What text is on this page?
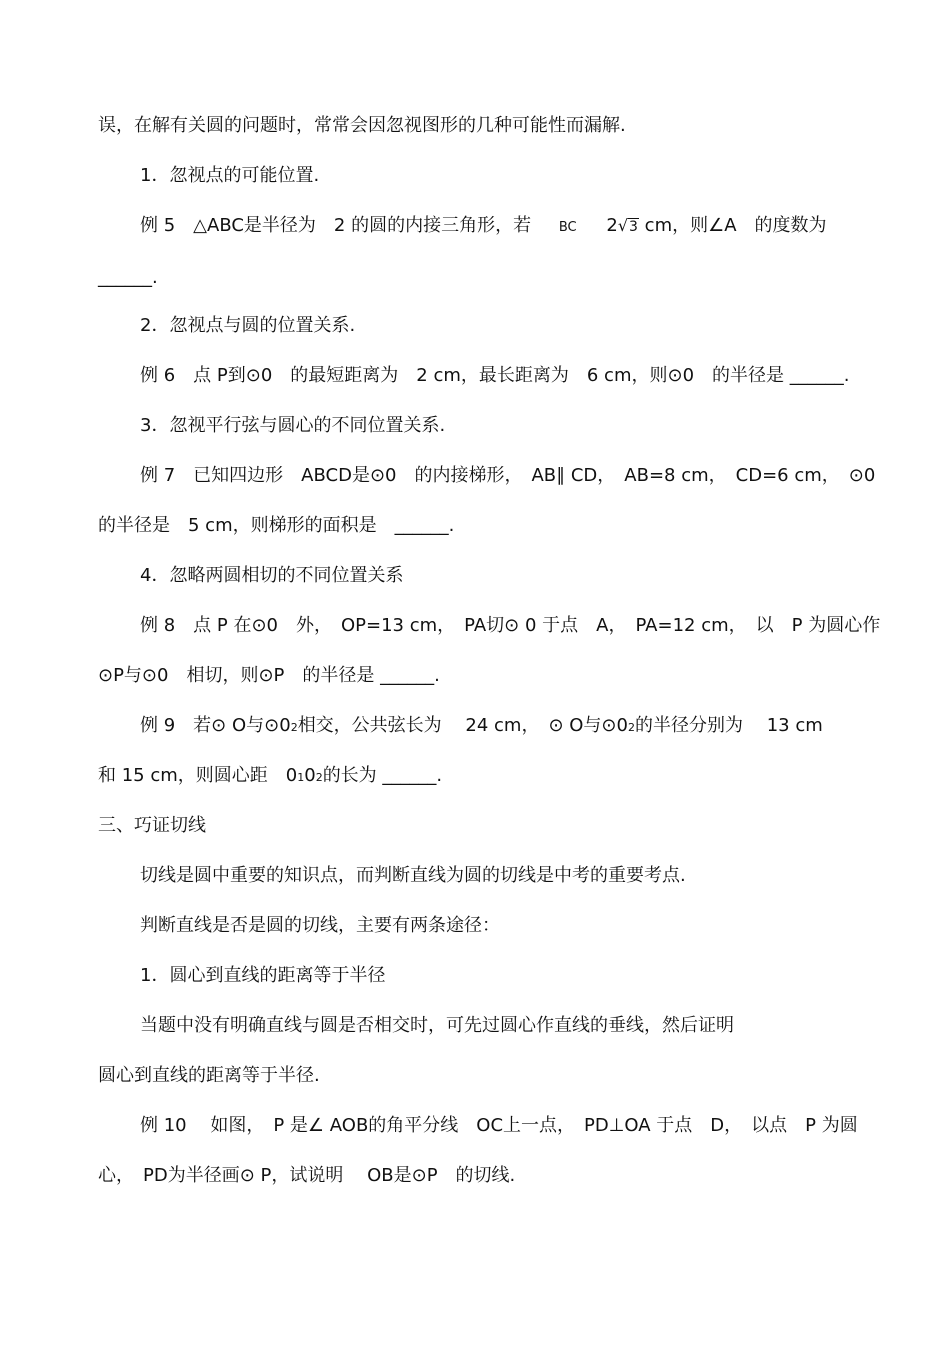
误，在解有关圆的问题时，常常会因忽视图形的几种可能性而漏解.
1．忽视点的可能位置.
例 5　△ABC是半径为　2 的圆的内接三角形，若 BC 2√3 cm，则∠A　的度数为
______.
2．忽视点与圆的位置关系.
例 6　点 P到⊙0　的最短距离为　2 cm，最长距离为　6 cm，则⊙0　的半径是 ______.
3．忽视平行弦与圆心的不同位置关系.
例 7　已知四边形　ABCD是⊙0　的内接梯形，　AB∥ CD，　AB=8 cm，　CD=6 cm，　⊙0
的半径是　5 cm，则梯形的面积是　______.
4．忽略两圆相切的不同位置关系
例 8　点 P 在⊙0　外，　OP=13 cm，　PA切⊙ 0 于点　A，　PA=12 cm，　以　P 为圆心作
⊙P与⊙0　相切，则⊙P　的半径是 ______.
例 9　若⊙ O与⊙02相交，公共弦长为　 24 cm，　⊙ O与⊙02的半径分别为　 13 cm
和 15 cm，则圆心距　0102的长为 ______.
三、巧证切线
切线是圆中重要的知识点，而判断直线为圆的切线是中考的重要考点.
判断直线是否是圆的切线，主要有两条途径：
1．圆心到直线的距离等于半径
当题中没有明确直线与圆是否相交时，可先过圆心作直线的垂线，然后证明
圆心到直线的距离等于半径.
例 10　 如图，　P 是∠ AOB的角平分线　OC上一点，　PD⊥OA 于点　D，　以点　P 为圆
心，　PD为半径画⊙ P，试说明　 OB是⊙P　的切线.
